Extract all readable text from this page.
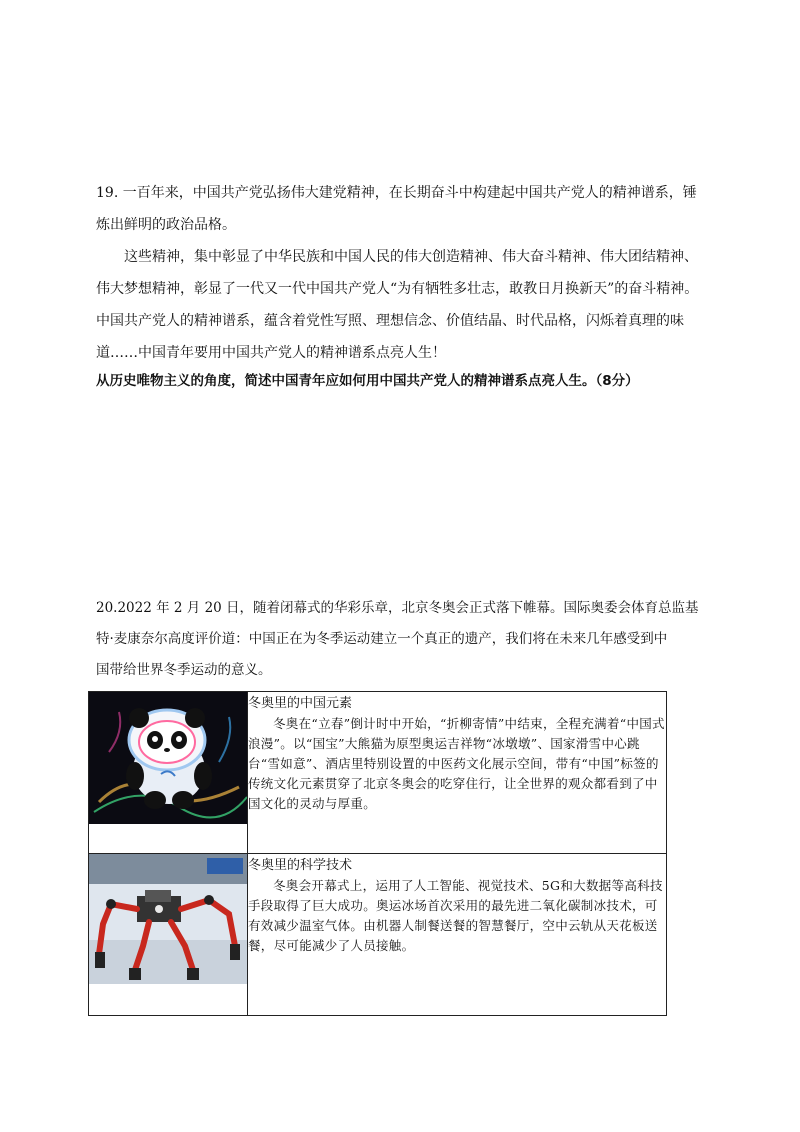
19. 一百年来，中国共产党弘扬伟大建党精神，在长期奋斗中构建起中国共产党人的精神谱系，锤
炼出鲜明的政治品格。
这些精神，集中彰显了中华民族和中国人民的伟大创造精神、伟大奋斗精神、伟大团结精神、
伟大梦想精神，彰显了一代又一代中国共产党人“为有牺牲多壮志，敢教日月换新天”的奋斗精神。
中国共产党人的精神谱系，蕴含着党性写照、理想信念、价值结晶、时代品格，闪烁着真理的味
道……中国青年要用中国共产党人的精神谱系点亮人生！
从历史唯物主义的角度，简述中国青年应如何用中国共产党人的精神谱系点亮人生。（8分）
20.2022 年 2 月 20 日，随着闭幕式的华彩乐章，北京冬奥会正式落下帷幕。国际奥委会体育总监基
特·麦康奈尔高度评价道：中国正在为冬季运动建立一个真正的遗产，我们将在未来几年感受到中
国带给世界冬季运动的意义。

冬奥里的中国元素

冬奥在“立春”倒计时中开始，“折柳寄情”中结束，全程充满着“中国式浪漫”。以“国宝”大熊猫为原型奥运吉祥物“冰墩墩”、国家滑雪中心跳台“雪如意”、酒店里特别设置的中医药文化展示空间，带有“中国”标签的传统文化元素贯穿了北京冬奥会的吃穿住行，让全世界的观众都看到了中国文化的灵动与厚重。

冬奥里的科学技术

冬奥会开幕式上，运用了人工智能、视觉技术、5G和大数据等高科技手段取得了巨大成功。奥运冰场首次采用的最先进二氧化碳制冰技术，可有效减少温室气体。由机器人制餐送餐的智慧餐厅，空中云轨从天花板送餐，尽可能减少了人员接触。
